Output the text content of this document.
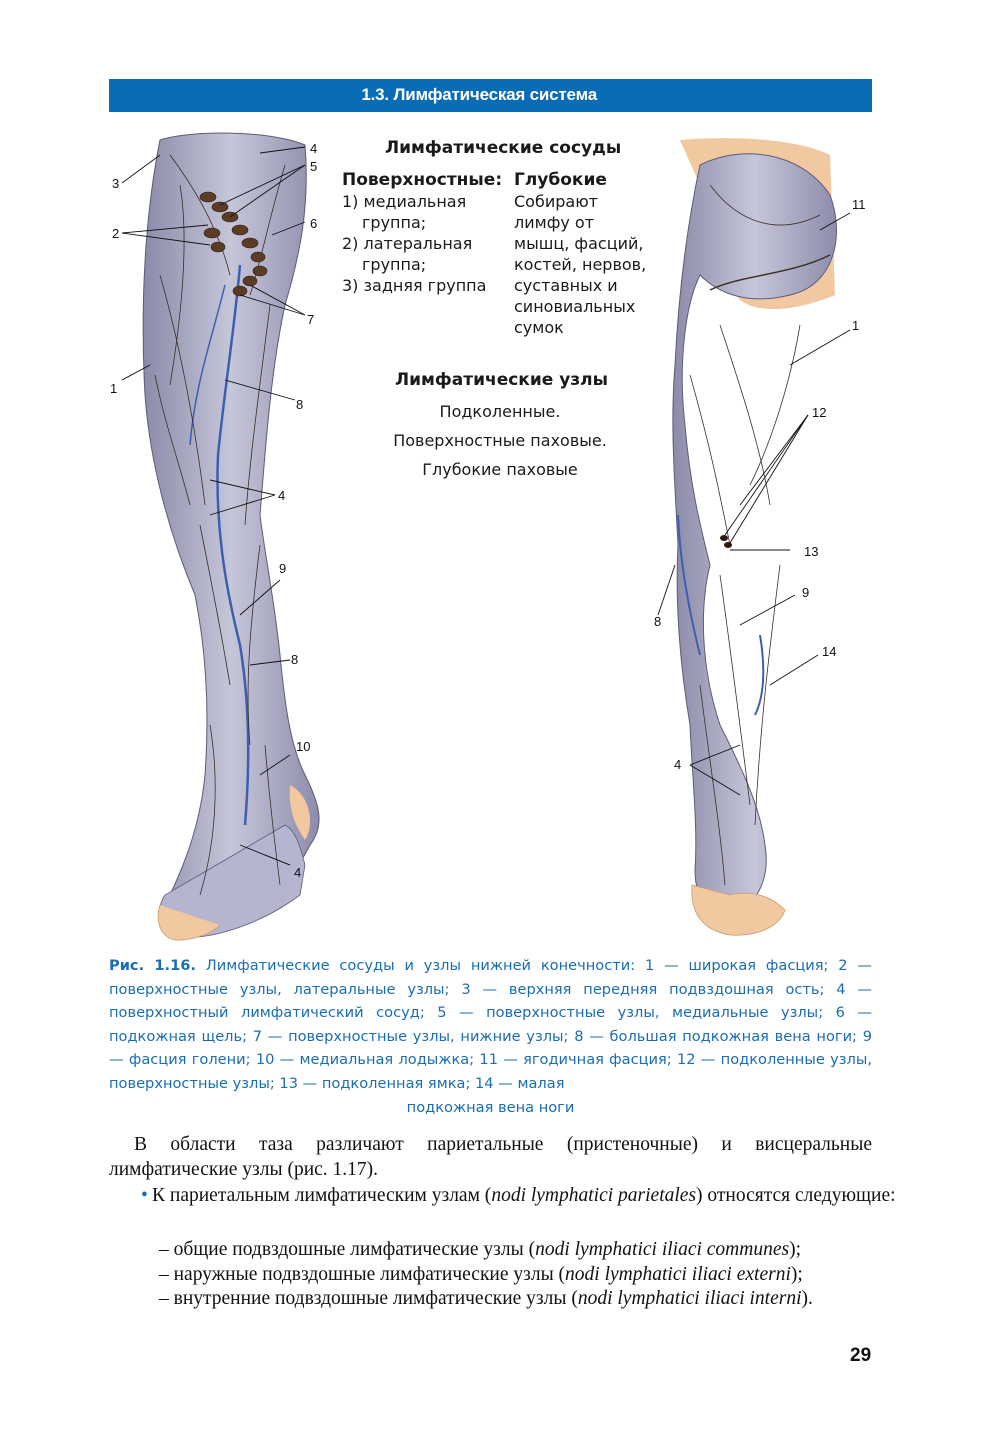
1.3. Лимфатическая система
3
2
4
5
6
7
1
8
4
9
8
10
4
11
1
12
13
9
8
14
4
Лимфатические сосуды
Поверхностные:
1) медиальная группа;
2) латеральная группа;
3) задняя группа
Глубокие
Собирают лимфу от мышц, фасций, костей, нервов, суставных и синовиальных сумок
Лимфатические узлы
Подколенные.
Поверхностные паховые.
Глубокие паховые
Рис. 1.16. Лимфатические сосуды и узлы нижней конечности: 1 — широкая фасция; 2 — поверхностные узлы, латеральные узлы; 3 — верхняя передняя подвздошная ость; 4 — поверхностный лимфатический сосуд; 5 — поверхностные узлы, медиальные узлы; 6 — подкожная щель; 7 — поверхностные узлы, нижние узлы; 8 — большая подкожная вена ноги; 9 — фасция голени; 10 — медиальная лодыжка; 11 — ягодичная фасция; 12 — подколенные узлы, поверхностные узлы; 13 — подколенная ямка; 14 — малая
подкожная вена ноги
В области таза различают париетальные (пристеночные) и висцеральные лимфатические узлы (рис. 1.17).
• К париетальным лимфатическим узлам (nodi lymphatici parietales) относятся следующие:
– общие подвздошные лимфатические узлы (nodi lymphatici iliaci communes);
– наружные подвздошные лимфатические узлы (nodi lymphatici iliaci externi);
– внутренние подвздошные лимфатические узлы (nodi lymphatici iliaci interni).
29
